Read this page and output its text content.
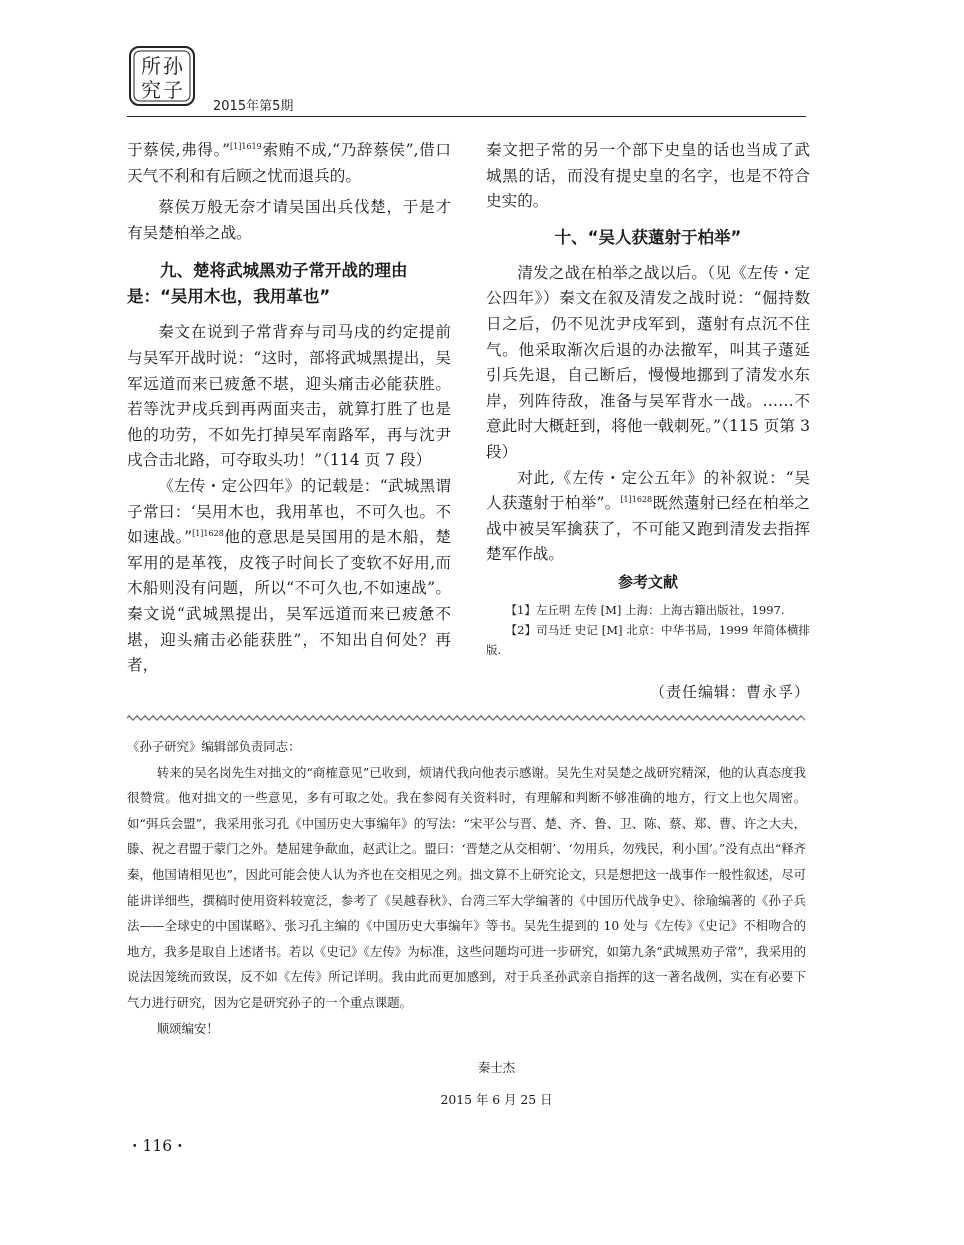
所 孙
究 子
2015年第5期

于蔡侯,弗得。”$^{[1]1619}$索贿不成,“乃辞蔡侯”,借口天气不利和有后顾之忧而退兵的。

蔡侯万般无奈才请吴国出兵伐楚，于是才有吴楚柏举之战。

九、楚将武城黑劝子常开战的理由是：“吴用木也，我用革也”

秦文在说到子常背弃与司马戌的约定提前与吴军开战时说：“这时，部将武城黑提出，吴军远道而来已疲惫不堪，迎头痛击必能获胜。若等沈尹戌兵到再两面夹击，就算打胜了也是他的功劳，不如先打掉吴军南路军，再与沈尹戌合击北路，可夺取头功！”（114 页 7 段）

《左传・定公四年》的记载是：“武城黑谓子常曰：‘吴用木也，我用革也，不可久也。不如速战。”$^{[1]1628}$他的意思是吴国用的是木船，楚军用的是革筏，皮筏子时间长了变软不好用,而木船则没有问题，所以“不可久也,不如速战”。秦文说“武城黑提出，吴军远道而来已疲惫不堪，迎头痛击必能获胜”，不知出自何处？再者，

秦文把子常的另一个部下史皇的话也当成了武城黑的话，而没有提史皇的名字，也是不符合史实的。

十、“吴人获薳射于柏举”

清发之战在柏举之战以后。（见《左传・定公四年》）秦文在叙及清发之战时说：“倔持数日之后，仍不见沈尹戌军到，薳射有点沉不住气。他采取渐次后退的办法撤军，叫其子薳延引兵先退，自己断后，慢慢地挪到了清发水东岸，列阵待敌，准备与吴军背水一战。……不意此时大概赶到，将他一戟刺死。”（115 页第 3 段）

对此,《左传・定公五年》的补叙说：“吴人获薳射于柏举”。$^{[1]1628}$既然薳射已经在柏举之战中被吴军擒获了，不可能又跑到清发去指挥楚军作战。

参考文献
【1】左丘明 左传 [M] 上海：上海古籍出版社，1997.
【2】司马迁 史记 [M] 北京：中华书局，1999 年简体横排版.
（责任编辑：曹永孚）

《孙子研究》编辑部负责同志：

转来的吴名岗先生对拙文的“商榷意见”已收到，烦请代我向他表示感谢。吴先生对吴楚之战研究精深，他的认真态度我很赞赏。他对拙文的一些意见，多有可取之处。我在参阅有关资料时，有理解和判断不够准确的地方，行文上也欠周密。如“弭兵会盟”，我采用张习孔《中国历史大事编年》的写法：“宋平公与晋、楚、齐、鲁、卫、陈、蔡、郑、曹、许之大夫，滕、祝之君盟于蒙门之外。楚屈建争歃血，赵武让之。盟曰：‘晋楚之从交相朝’、‘勿用兵，勿残民，利小国’。”没有点出“释齐秦，他国请相见也”，因此可能会使人认为齐也在交相见之列。拙文算不上研究论文，只是想把这一战事作一般性叙述，尽可能讲详细些，撰稿时使用资料较宽泛，参考了《吴越春秋》、台湾三军大学编著的《中国历代战争史》、徐瑜编著的《孙子兵法——全球史的中国谋略》、张习孔主编的《中国历史大事编年》等书。吴先生提到的 10 处与《左传》《史记》不相吻合的地方，我多是取自上述诸书。若以《史记》《左传》为标准，这些问题均可进一步研究，如第九条“武城黑劝子常”，我采用的说法因笼统而致误，反不如《左传》所记详明。我由此而更加感到，对于兵圣孙武亲自指挥的这一著名战例，实在有必要下气力进行研究，因为它是研究孙子的一个重点课题。

顺颂编安！

秦士杰

2015 年 6 月 25 日

・116・
